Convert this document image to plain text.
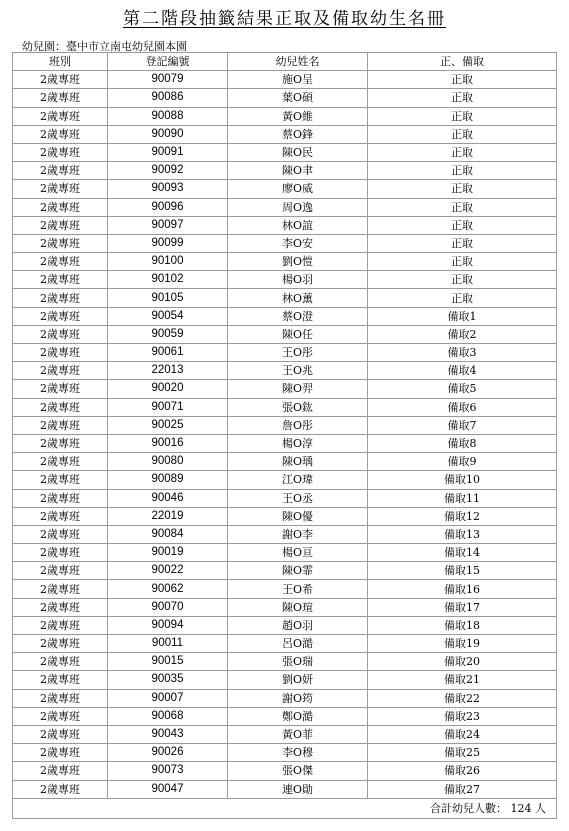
第二階段抽籤結果正取及備取幼生名冊
幼兒園：臺中市立南屯幼兒園本園
班別	登記編號	幼兒姓名	正、備取
2歲專班	90079	施O呈	正取
2歲專班	90086	葉O碩	正取
2歲專班	90088	黃O維	正取
2歲專班	90090	蔡O鋒	正取
2歲專班	90091	陳O民	正取
2歲專班	90092	陳O聿	正取
2歲專班	90093	廖O威	正取
2歲專班	90096	周O逸	正取
2歲專班	90097	林O誼	正取
2歲專班	90099	李O安	正取
2歲專班	90100	劉O愷	正取
2歲專班	90102	楊O羽	正取
2歲專班	90105	林O薰	正取
2歲專班	90054	蔡O澄	備取1
2歲專班	90059	陳O任	備取2
2歲專班	90061	王O彤	備取3
2歲專班	22013	王O兆	備取4
2歲專班	90020	陳O羿	備取5
2歲專班	90071	張O鈜	備取6
2歲專班	90025	詹O彤	備取7
2歲專班	90016	楊O淳	備取8
2歲專班	90080	陳O瑀	備取9
2歲專班	90089	江O瑋	備取10
2歲專班	90046	王O丞	備取11
2歲專班	22019	陳O優	備取12
2歲專班	90084	謝O李	備取13
2歲專班	90019	楊O亘	備取14
2歲專班	90022	陳O霏	備取15
2歲專班	90062	王O希	備取16
2歲專班	90070	陳O瑄	備取17
2歲專班	90094	趙O羽	備取18
2歲專班	90011	呂O澔	備取19
2歲專班	90015	張O瑞	備取20
2歲專班	90035	劉O妍	備取21
2歲專班	90007	謝O筠	備取22
2歲專班	90068	鄭O澔	備取23
2歲專班	90043	黃O菲	備取24
2歲專班	90026	李O穆	備取25
2歲專班	90073	張O傑	備取26
2歲專班	90047	連O勛	備取27
合計幼兒人數： 124 人			
